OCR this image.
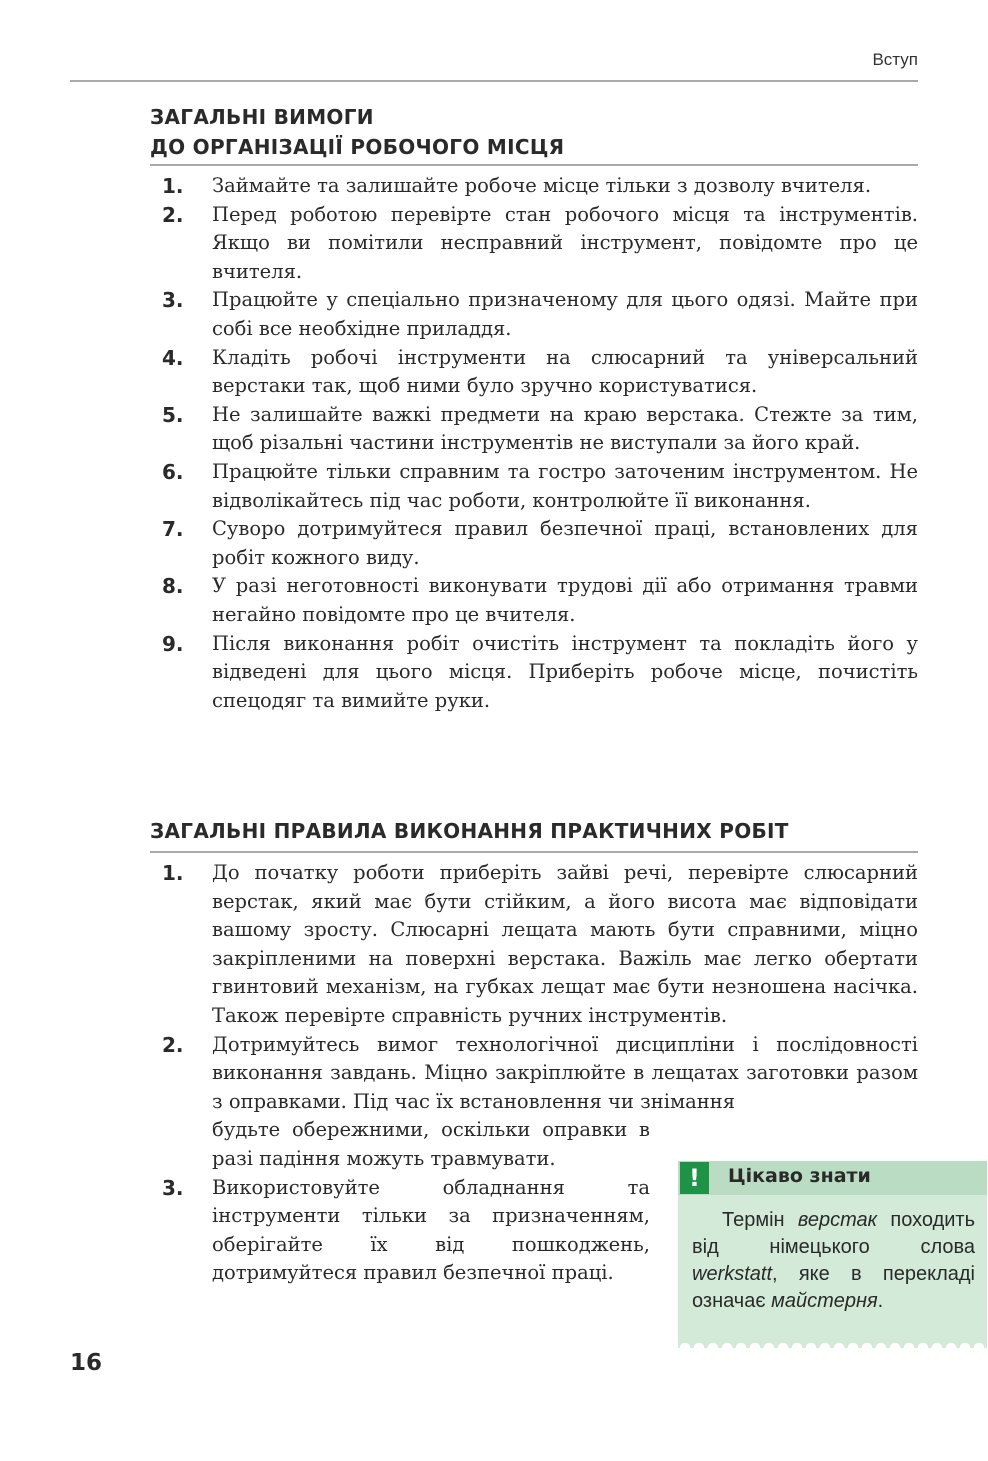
Вступ
ЗАГАЛЬНІ ВИМОГИ
ДО ОРГАНІЗАЦІЇ РОБОЧОГО МІСЦЯ
1. Займайте та залишайте робоче місце тільки з дозволу вчителя.
2. Перед роботою перевірте стан робочого місця та інструментів. Якщо ви помітили несправний інструмент, повідомте про це вчителя.
3. Працюйте у спеціально призначеному для цього одязі. Майте при собі все необхідне приладдя.
4. Кладіть робочі інструменти на слюсарний та універсальний верстаки так, щоб ними було зручно користуватися.
5. Не залишайте важкі предмети на краю верстака. Стежте за тим, щоб різальні частини інструментів не виступали за його край.
6. Працюйте тільки справним та гостро заточеним інструментом. Не відволікайтесь під час роботи, контролюйте її виконання.
7. Суворо дотримуйтеся правил безпечної праці, встановлених для робіт кожного виду.
8. У разі неготовності виконувати трудові дії або отримання травми негайно повідомте про це вчителя.
9. Після виконання робіт очистіть інструмент та покладіть його у відведені для цього місця. Приберіть робоче місце, почистіть спецодяг та вимийте руки.
ЗАГАЛЬНІ ПРАВИЛА ВИКОНАННЯ ПРАКТИЧНИХ РОБІТ
1. До початку роботи приберіть зайві речі, перевірте слюсарний верстак, який має бути стійким, а його висота має відповідати вашому зросту. Слюсарні лещата мають бути справними, міцно закріпленими на поверхні верстака. Важіль має легко обертати гвинтовий механізм, на губках лещат має бути незношена насічка. Також перевірте справність ручних інструментів.
2. Дотримуйтесь вимог технологічної дисципліни і послідовності виконання завдань. Міцно закріплюйте в лещатах заготовки разом з оправками. Під час їх встановлення чи знімання
будьте обережними, оскільки оправки в разі падіння можуть травмувати.
3. Використовуйте обладнання та інструменти тільки за призначенням, оберігайте їх від пошкоджень, дотримуйтеся правил безпечної праці.
!	Цікаво знати
Термін верстак походить від німецького слова werkstatt, яке в перекладі означає майстерня.
16
